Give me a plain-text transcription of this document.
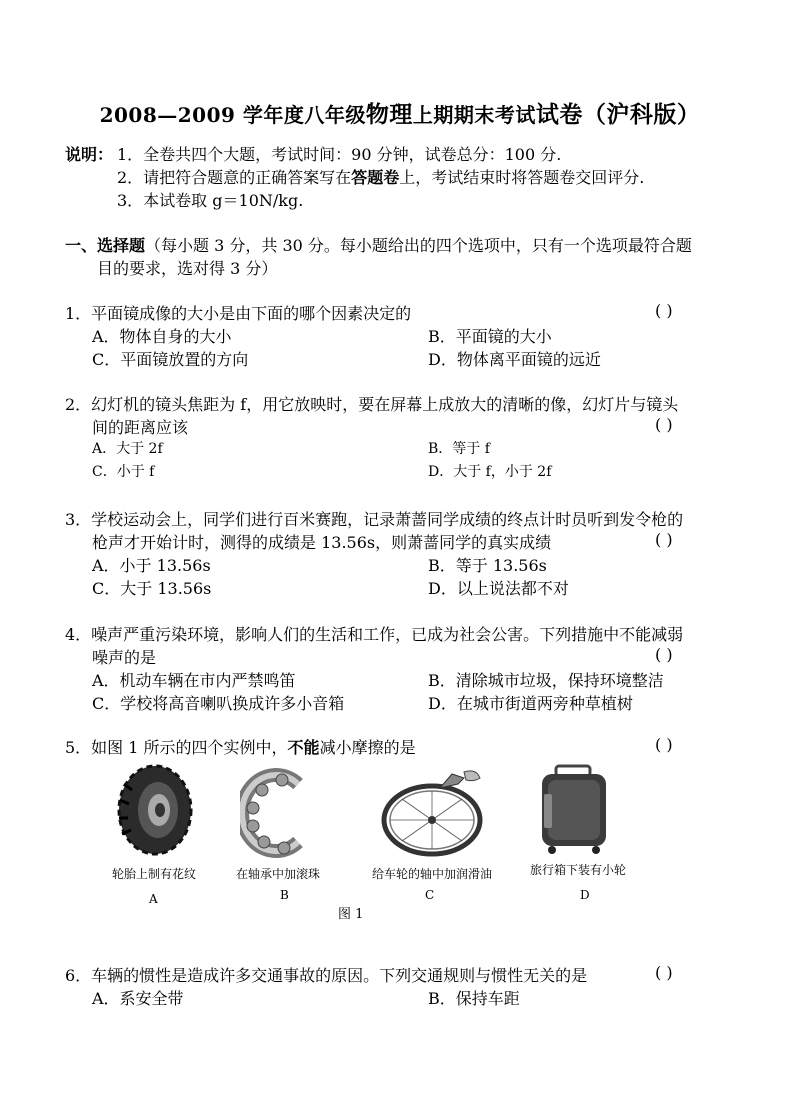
2008—2009 学年度八年级物理上期期末考试试卷（沪科版）
说明： 1．全卷共四个大题，考试时间：90 分钟，试卷总分：100 分.
2．请把符合题意的正确答案写在答题卷上，考试结束时将答题卷交回评分.
3．本试卷取 g＝10N/kg.
一、选择题（每小题 3 分，共 30 分。每小题给出的四个选项中，只有一个选项最符合题
目的要求，选对得 3 分）
1．平面镜成像的大小是由下面的哪个因素决定的	( )
A．物体自身的大小	B．平面镜的大小
C．平面镜放置的方向	D．物体离平面镜的远近
2．幻灯机的镜头焦距为 f，用它放映时，要在屏幕上成放大的清晰的像，幻灯片与镜头
间的距离应该	( )
A．大于 2f	B．等于 f
C．小于 f	D．大于 f，小于 2f
3．学校运动会上，同学们进行百米赛跑，记录萧蔷同学成绩的终点计时员听到发令枪的
枪声才开始计时，测得的成绩是 13.56s，则萧蔷同学的真实成绩	( )
A．小于 13.56s	B．等于 13.56s
C．大于 13.56s	D．以上说法都不对
4．噪声严重污染环境，影响人们的生活和工作，已成为社会公害。下列措施中不能减弱
噪声的是	( )
A．机动车辆在市内严禁鸣笛	B．清除城市垃圾，保持环境整洁
C．学校将高音喇叭换成许多小音箱	D．在城市街道两旁种草植树
5．如图 1 所示的四个实例中，不能减小摩擦的是	( )
轮胎上制有花纹	在轴承中加滚珠	给车轮的轴中加润滑油	旅行箱下装有小轮
A	B	C	D
图 1
6．车辆的惯性是造成许多交通事故的原因。下列交通规则与惯性无关的是	( )
A．系安全带	B．保持车距
